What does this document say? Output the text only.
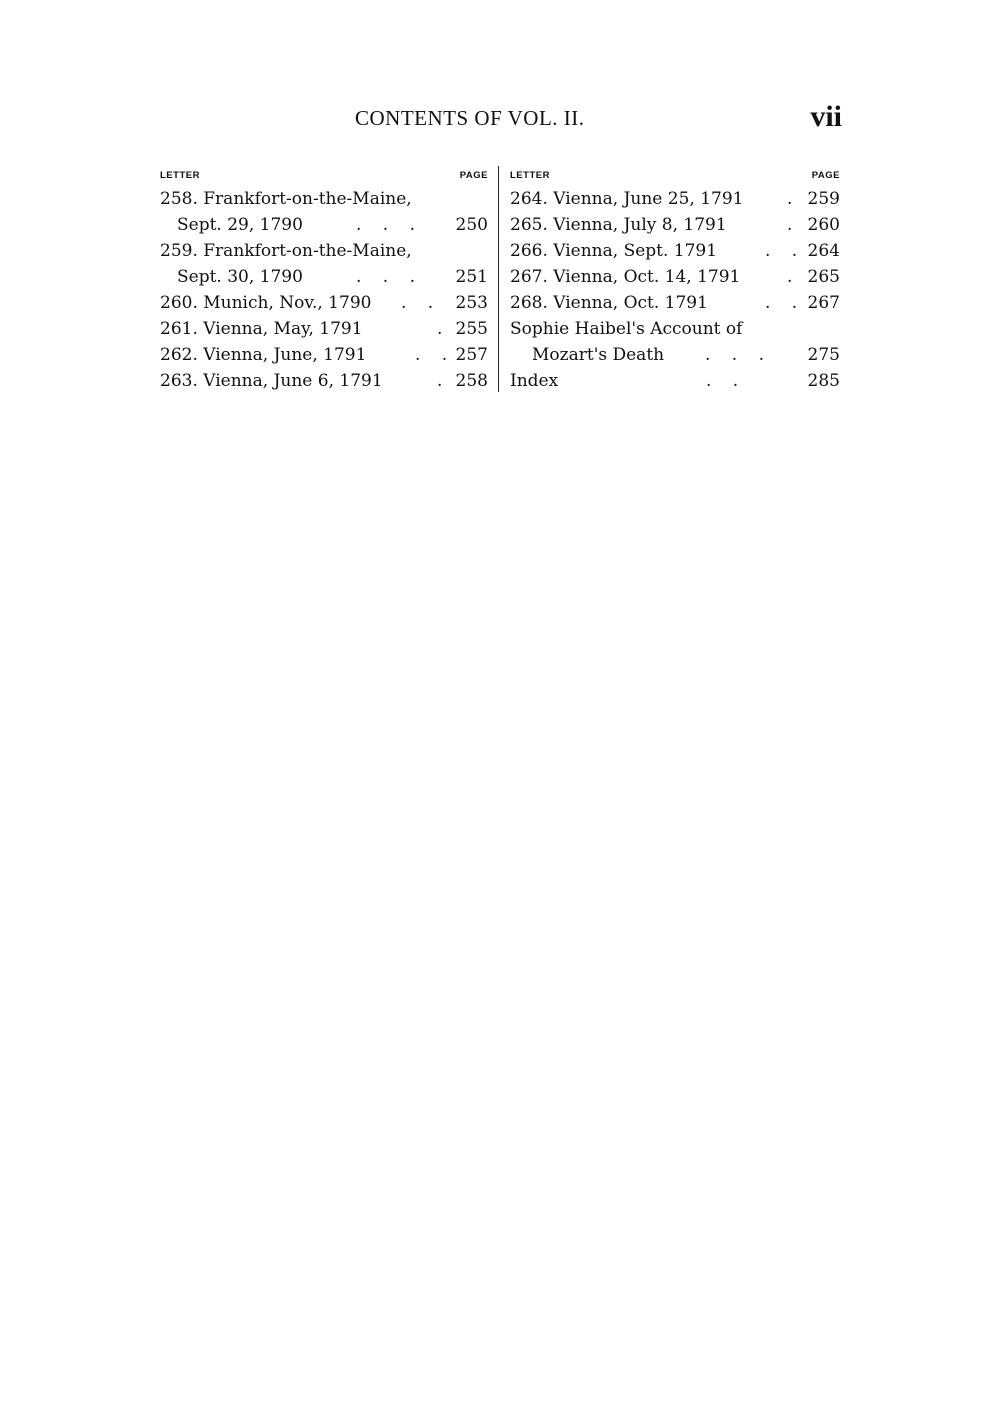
CONTENTS OF VOL. II.	vii
LETTER	PAGE
258. Frankfort-on-the-Maine,
Sept. 29, 1790	. . . 250
259. Frankfort-on-the-Maine,
Sept. 30, 1790	. . . 251
260. Munich, Nov., 1790 . . 253
261. Vienna, May, 1791	. 255
262. Vienna, June, 1791	. . 257
263. Vienna, June 6, 1791	. 258
LETTER	PAGE
264. Vienna, June 25, 1791	. 259
265. Vienna, July 8, 1791	. 260
266. Vienna, Sept. 1791	. . 264
267. Vienna, Oct. 14, 1791	. 265
268. Vienna, Oct. 1791	. . 267
Sophie Haibel's Account of
Mozart's Death . . . 275
Index	. .	285
